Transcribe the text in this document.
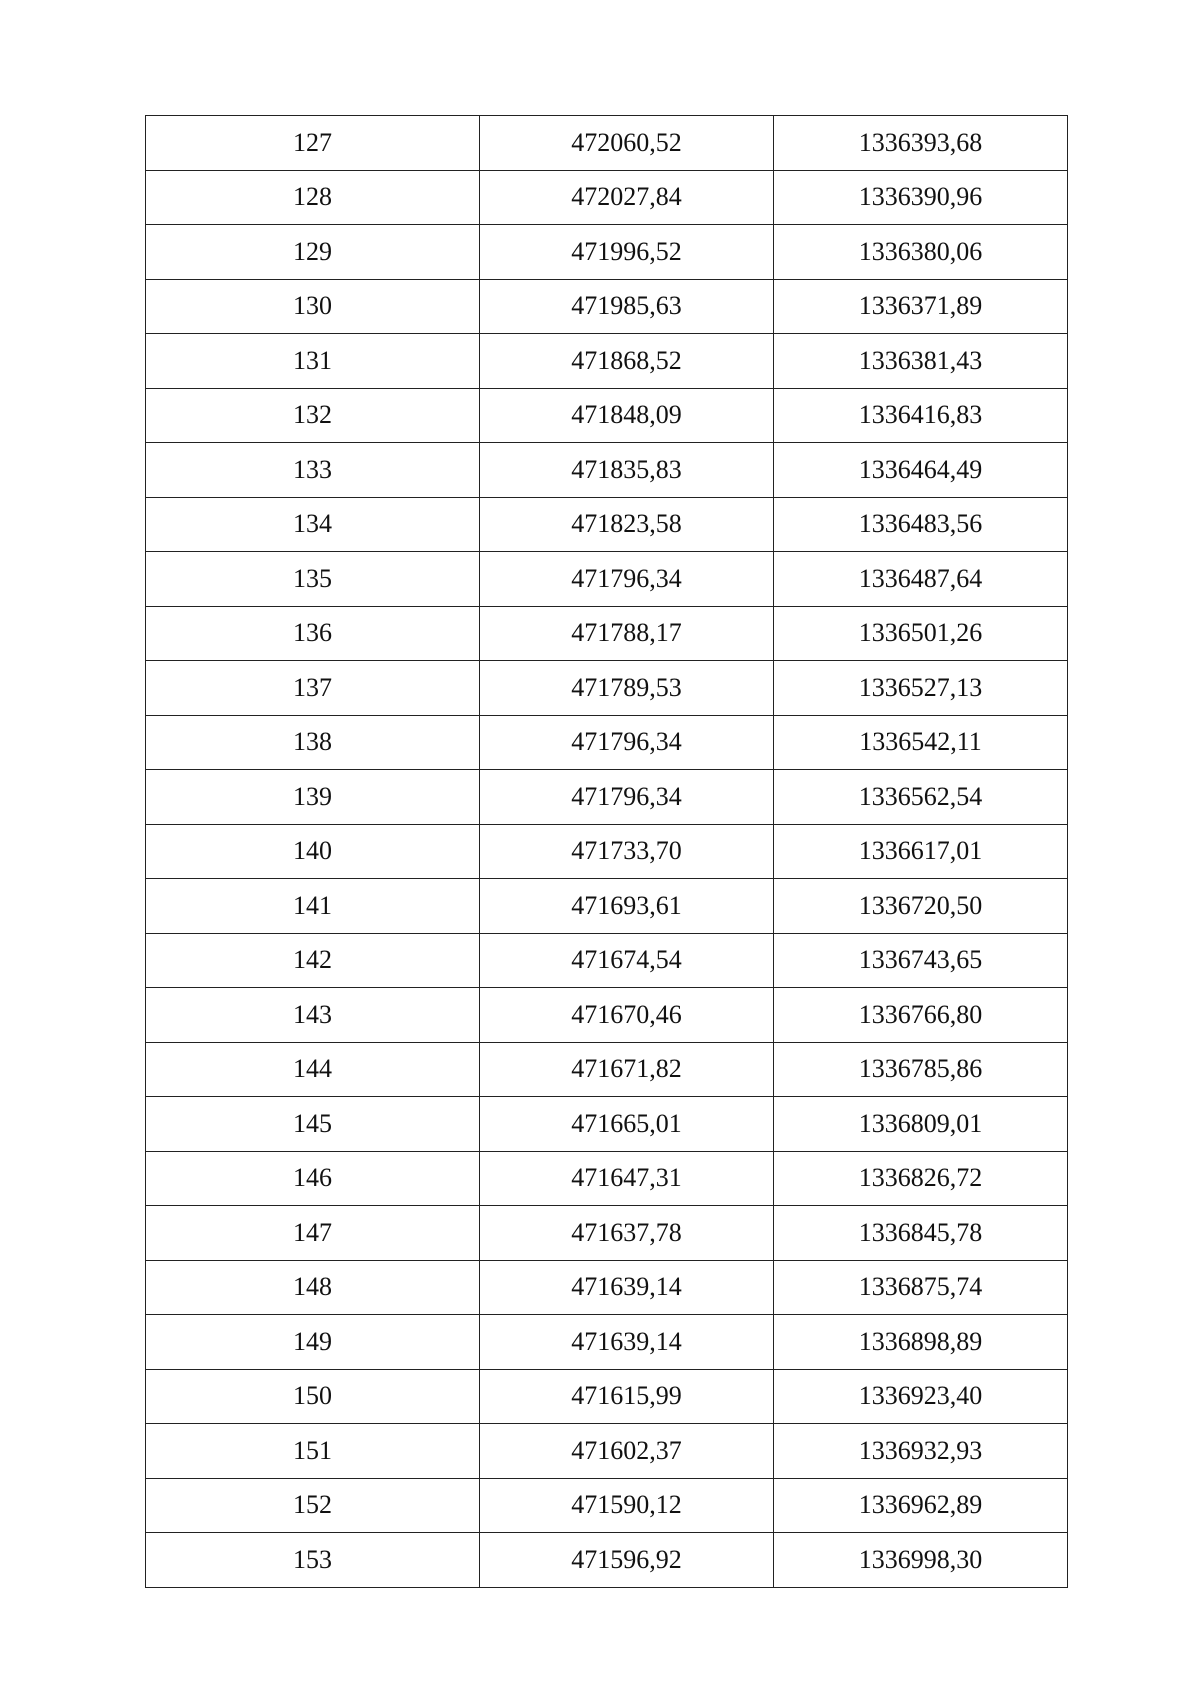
127	472060,52	1336393,68
128	472027,84	1336390,96
129	471996,52	1336380,06
130	471985,63	1336371,89
131	471868,52	1336381,43
132	471848,09	1336416,83
133	471835,83	1336464,49
134	471823,58	1336483,56
135	471796,34	1336487,64
136	471788,17	1336501,26
137	471789,53	1336527,13
138	471796,34	1336542,11
139	471796,34	1336562,54
140	471733,70	1336617,01
141	471693,61	1336720,50
142	471674,54	1336743,65
143	471670,46	1336766,80
144	471671,82	1336785,86
145	471665,01	1336809,01
146	471647,31	1336826,72
147	471637,78	1336845,78
148	471639,14	1336875,74
149	471639,14	1336898,89
150	471615,99	1336923,40
151	471602,37	1336932,93
152	471590,12	1336962,89
153	471596,92	1336998,30
